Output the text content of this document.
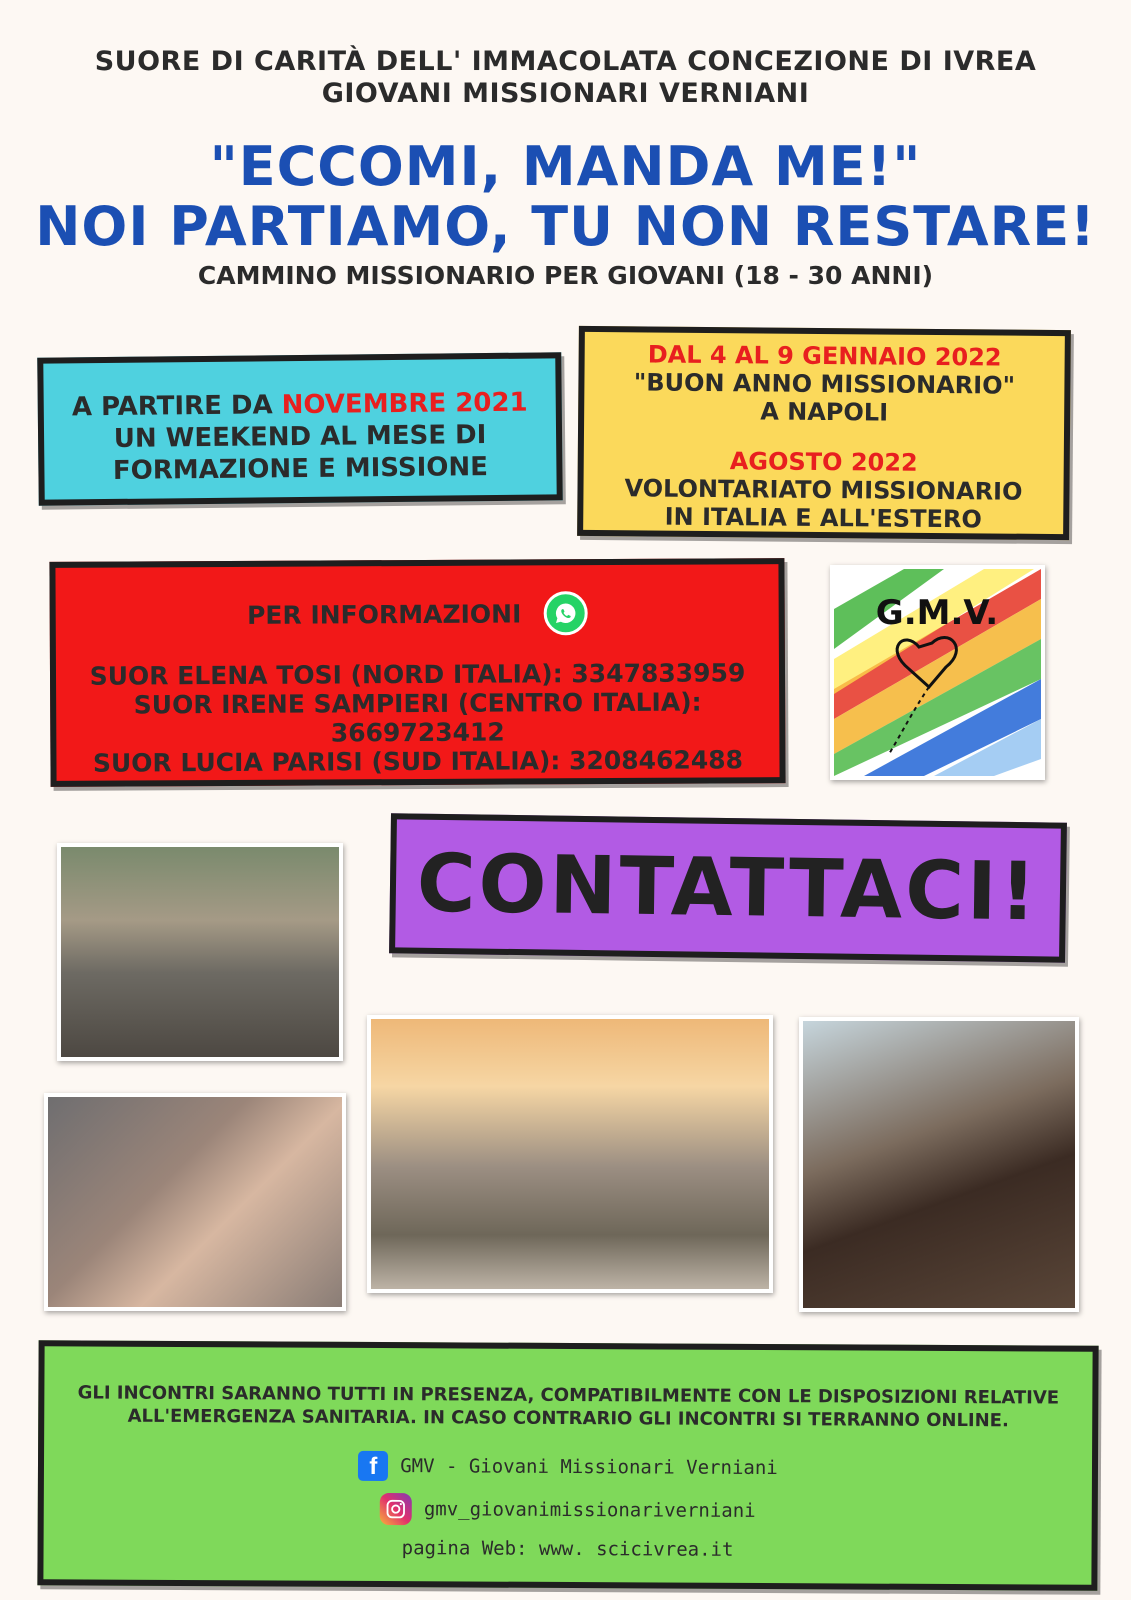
SUORE DI CARITÀ DELL' IMMACOLATA CONCEZIONE DI IVREA
GIOVANI MISSIONARI VERNIANI
"ECCOMI, MANDA ME!"
NOI PARTIAMO, TU NON RESTARE!
CAMMINO MISSIONARIO PER GIOVANI (18 - 30 ANNI)
A PARTIRE DA NOVEMBRE 2021
UN WEEKEND AL MESE DI
FORMAZIONE E MISSIONE
DAL 4 AL 9 GENNAIO 2022
"BUON ANNO MISSIONARIO"
A NAPOLI
AGOSTO 2022
VOLONTARIATO MISSIONARIO
IN ITALIA E ALL'ESTERO
PER INFORMAZIONI
SUOR ELENA TOSI (NORD ITALIA): 3347833959
SUOR IRENE SAMPIERI (CENTRO ITALIA): 3669723412
SUOR LUCIA PARISI (SUD ITALIA): 3208462488
G.M.V.
CONTATTACI!
GLI INCONTRI SARANNO TUTTI IN PRESENZA, COMPATIBILMENTE CON LE DISPOSIZIONI RELATIVE
ALL'EMERGENZA SANITARIA. IN CASO CONTRARIO GLI INCONTRI SI TERRANNO ONLINE.
f	GMV - Giovani Missionari Verniani
gmv_giovanimissionariverniani
pagina Web: www. scicivrea.it
